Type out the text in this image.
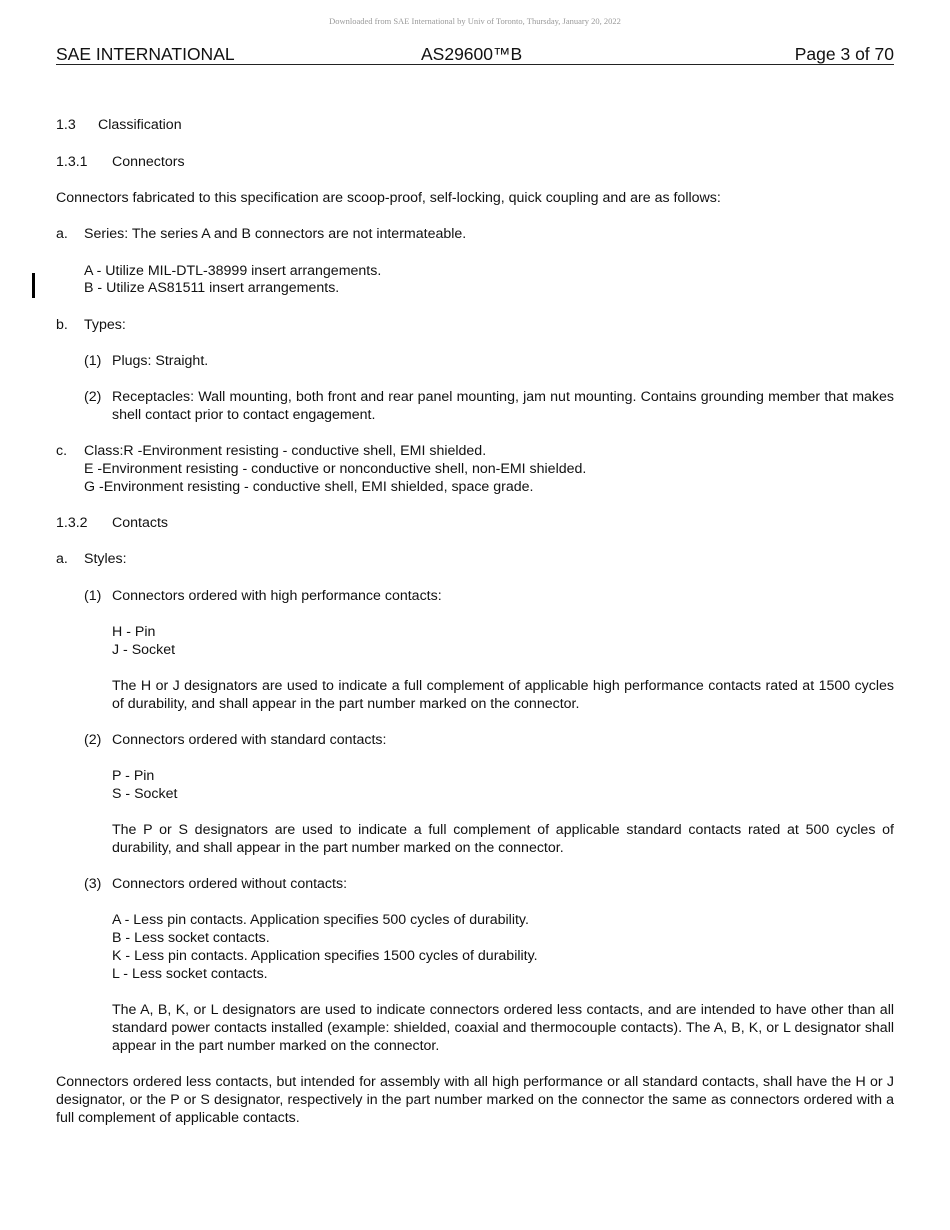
Downloaded from SAE International by Univ of Toronto, Thursday, January 20, 2022
SAE INTERNATIONAL	AS29600™B	Page 3 of 70
1.3 Classification
1.3.1 Connectors
Connectors fabricated to this specification are scoop-proof, self-locking, quick coupling and are as follows:
a. Series: The series A and B connectors are not intermateable.
A - Utilize MIL-DTL-38999 insert arrangements.
B - Utilize AS81511 insert arrangements.
b. Types:
(1) Plugs: Straight.
(2) Receptacles: Wall mounting, both front and rear panel mounting, jam nut mounting. Contains grounding member that makes shell contact prior to contact engagement.
c. Class:R -Environment resisting - conductive shell, EMI shielded.
E -Environment resisting - conductive or nonconductive shell, non-EMI shielded.
G -Environment resisting - conductive shell, EMI shielded, space grade.
1.3.2 Contacts
a. Styles:
(1) Connectors ordered with high performance contacts:
H - Pin
J - Socket
The H or J designators are used to indicate a full complement of applicable high performance contacts rated at 1500 cycles of durability, and shall appear in the part number marked on the connector.
(2) Connectors ordered with standard contacts:
P - Pin
S - Socket
The P or S designators are used to indicate a full complement of applicable standard contacts rated at 500 cycles of durability, and shall appear in the part number marked on the connector.
(3) Connectors ordered without contacts:
A - Less pin contacts. Application specifies 500 cycles of durability.
B - Less socket contacts.
K - Less pin contacts. Application specifies 1500 cycles of durability.
L - Less socket contacts.
The A, B, K, or L designators are used to indicate connectors ordered less contacts, and are intended to have other than all standard power contacts installed (example: shielded, coaxial and thermocouple contacts). The A, B, K, or L designator shall appear in the part number marked on the connector.
Connectors ordered less contacts, but intended for assembly with all high performance or all standard contacts, shall have the H or J designator, or the P or S designator, respectively in the part number marked on the connector the same as connectors ordered with a full complement of applicable contacts.
